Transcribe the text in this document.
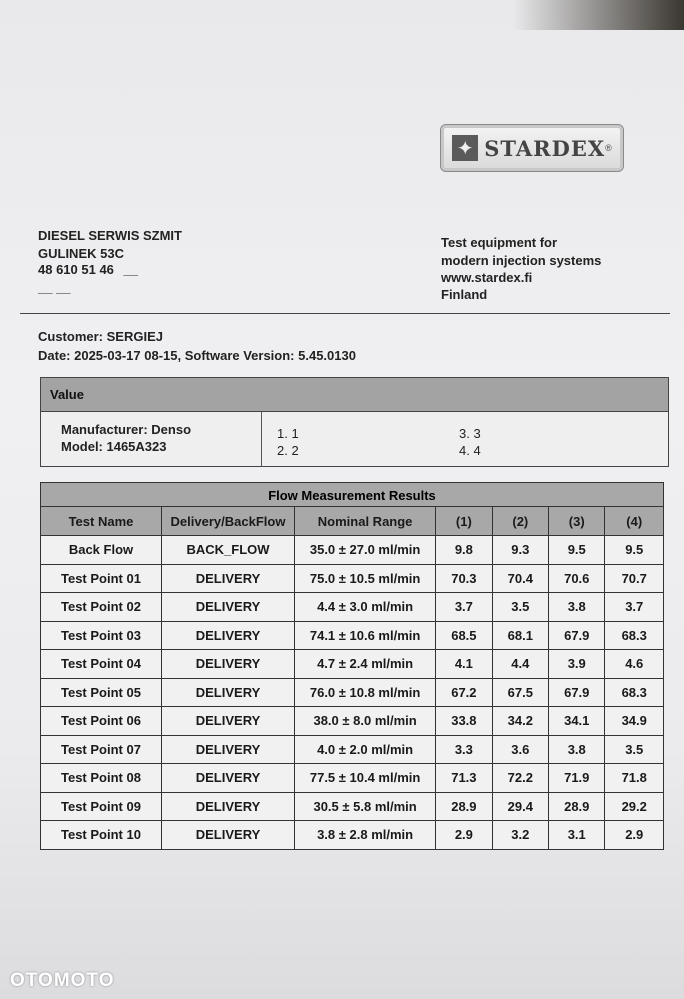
✦ STARDEX ®
DIESEL SERWIS SZMIT
GULINEK 53C
48 610 51 46 __
__ __
Test equipment for
modern injection systems
www.stardex.fi
Finland
Customer: SERGIEJ
Date: 2025-03-17 08-15, Software Version: 5.45.0130
Value
Manufacturer: Denso
Model: 1465A323
1. 1
2. 2
3. 3
4. 4
Flow Measurement Results
Test Name	Delivery/BackFlow	Nominal Range	(1)	(2)	(3)	(4)
Back Flow	BACK_FLOW	35.0 ± 27.0 ml/min	9.8	9.3	9.5	9.5
Test Point 01	DELIVERY	75.0 ± 10.5 ml/min	70.3	70.4	70.6	70.7
Test Point 02	DELIVERY	4.4 ± 3.0 ml/min	3.7	3.5	3.8	3.7
Test Point 03	DELIVERY	74.1 ± 10.6 ml/min	68.5	68.1	67.9	68.3
Test Point 04	DELIVERY	4.7 ± 2.4 ml/min	4.1	4.4	3.9	4.6
Test Point 05	DELIVERY	76.0 ± 10.8 ml/min	67.2	67.5	67.9	68.3
Test Point 06	DELIVERY	38.0 ± 8.0 ml/min	33.8	34.2	34.1	34.9
Test Point 07	DELIVERY	4.0 ± 2.0 ml/min	3.3	3.6	3.8	3.5
Test Point 08	DELIVERY	77.5 ± 10.4 ml/min	71.3	72.2	71.9	71.8
Test Point 09	DELIVERY	30.5 ± 5.8 ml/min	28.9	29.4	28.9	29.2
Test Point 10	DELIVERY	3.8 ± 2.8 ml/min	2.9	3.2	3.1	2.9
OTOMOTO
